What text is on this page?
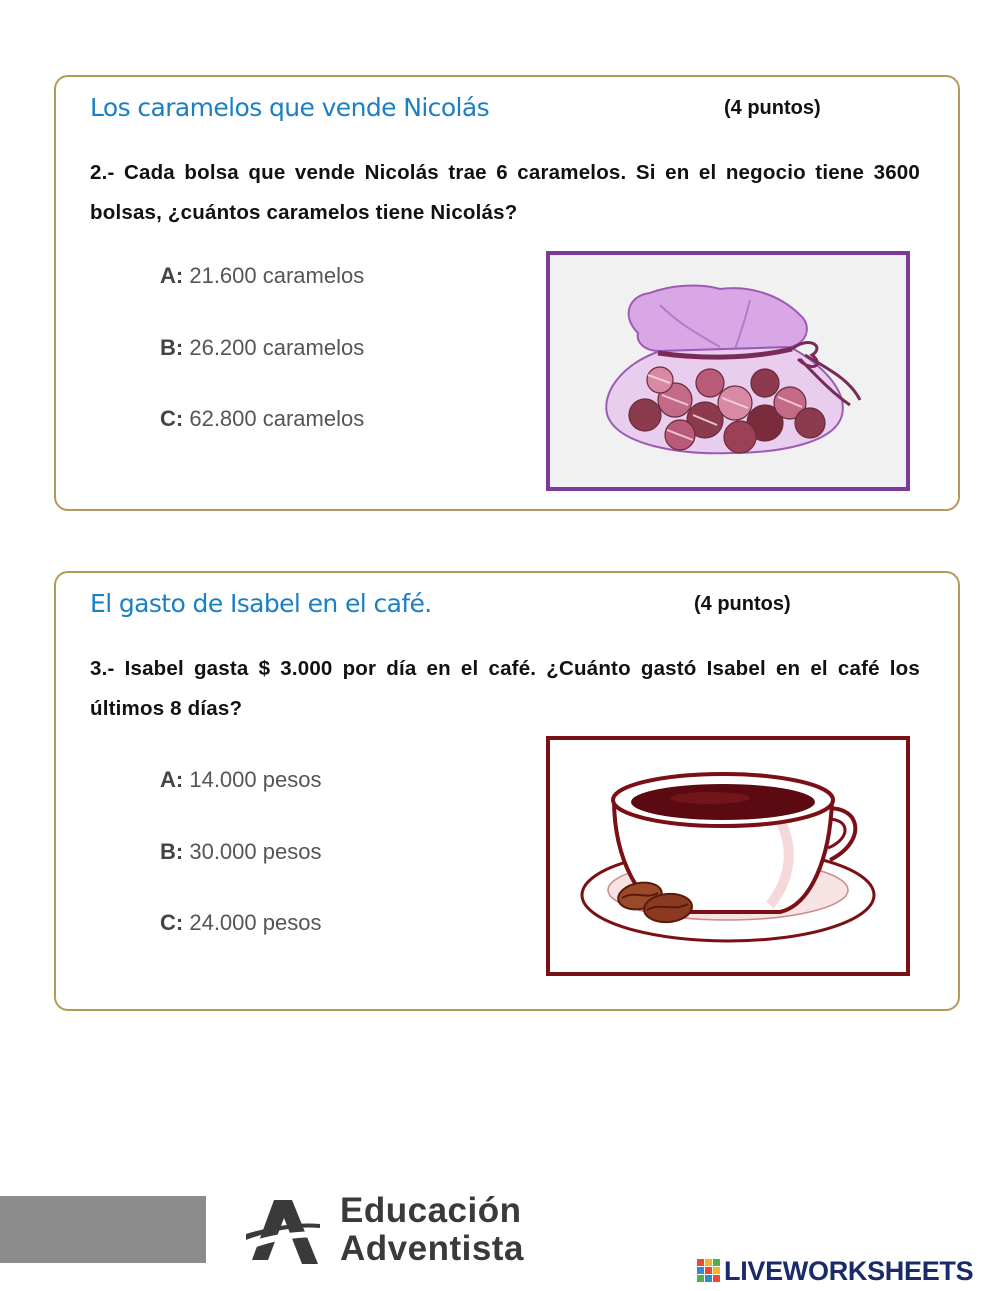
Los caramelos que vende Nicolás	(4 puntos)
2.- Cada bolsa que vende Nicolás trae 6 caramelos. Si en el negocio tiene 3600 bolsas, ¿cuántos caramelos tiene Nicolás?
A: 21.600 caramelos
B: 26.200 caramelos
C: 62.800 caramelos
El gasto de Isabel en el café.	(4 puntos)
3.- Isabel gasta $ 3.000 por día en el café. ¿Cuánto gastó Isabel en el café los últimos 8 días?
A: 14.000 pesos
B: 30.000 pesos
C: 24.000 pesos
Educación
Adventista
LIVEWORKSHEETS
